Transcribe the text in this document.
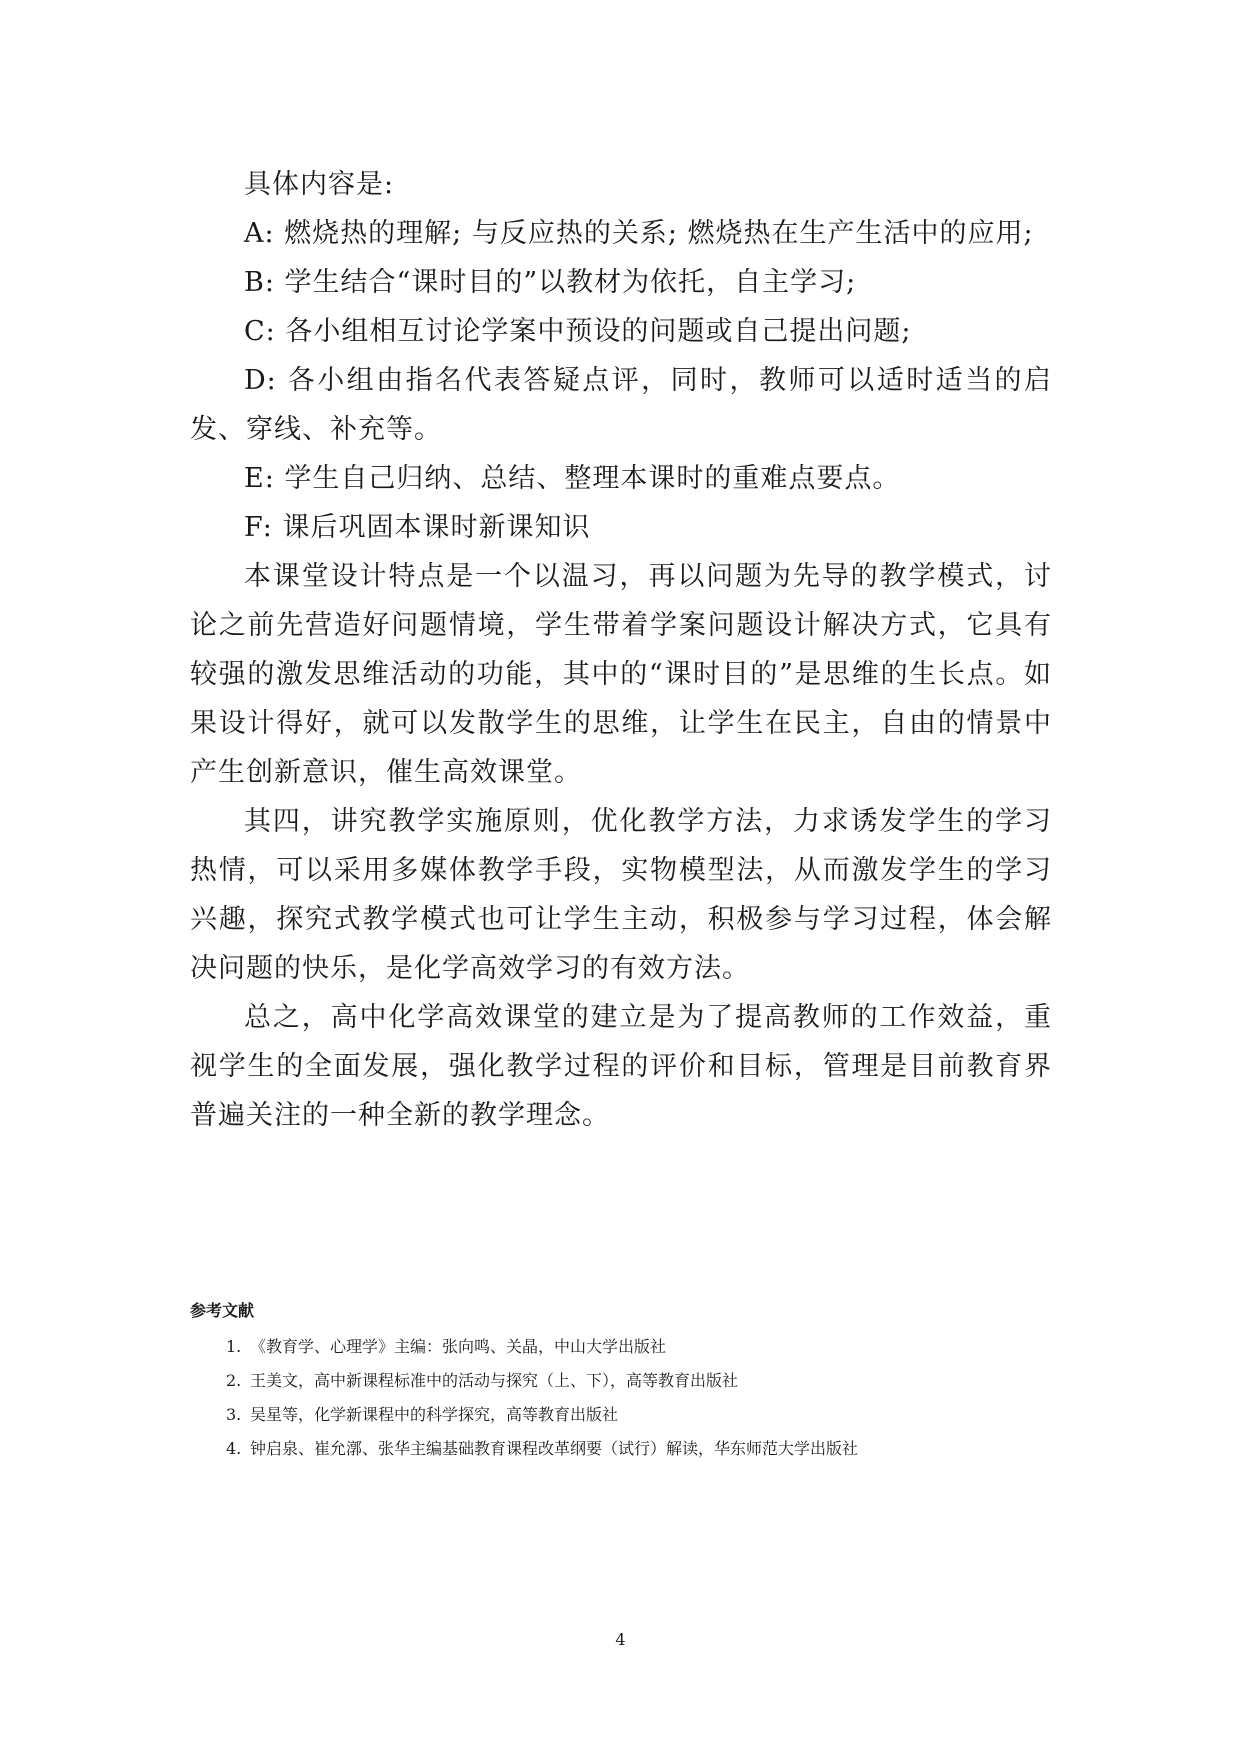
具体内容是:

A: 燃烧热的理解; 与反应热的关系; 燃烧热在生产生活中的应用;

B: 学生结合“课时目的”以教材为依托，自主学习;

C: 各小组相互讨论学案中预设的问题或自己提出问题;

D: 各小组由指名代表答疑点评，同时，教师可以适时适当的启发、穿线、补充等。

E: 学生自己归纳、总结、整理本课时的重难点要点。

F: 课后巩固本课时新课知识

本课堂设计特点是一个以温习，再以问题为先导的教学模式，讨论之前先营造好问题情境，学生带着学案问题设计解决方式，它具有较强的激发思维活动的功能，其中的“课时目的”是思维的生长点。如果设计得好，就可以发散学生的思维，让学生在民主，自由的情景中产生创新意识，催生高效课堂。

其四，讲究教学实施原则，优化教学方法，力求诱发学生的学习热情，可以采用多媒体教学手段，实物模型法，从而激发学生的学习兴趣，探究式教学模式也可让学生主动，积极参与学习过程，体会解决问题的快乐，是化学高效学习的有效方法。

总之，高中化学高效课堂的建立是为了提高教师的工作效益，重视学生的全面发展，强化教学过程的评价和目标，管理是目前教育界普遍关注的一种全新的教学理念。

参考文献
1. 《教育学、心理学》主编：张向鸣、关晶，中山大学出版社
2. 王美文，高中新课程标准中的活动与探究（上、下），高等教育出版社
3. 吴星等，化学新课程中的科学探究，高等教育出版社
4. 钟启泉、崔允漷、张华主编基础教育课程改革纲要（试行）解读，华东师范大学出版社
4
